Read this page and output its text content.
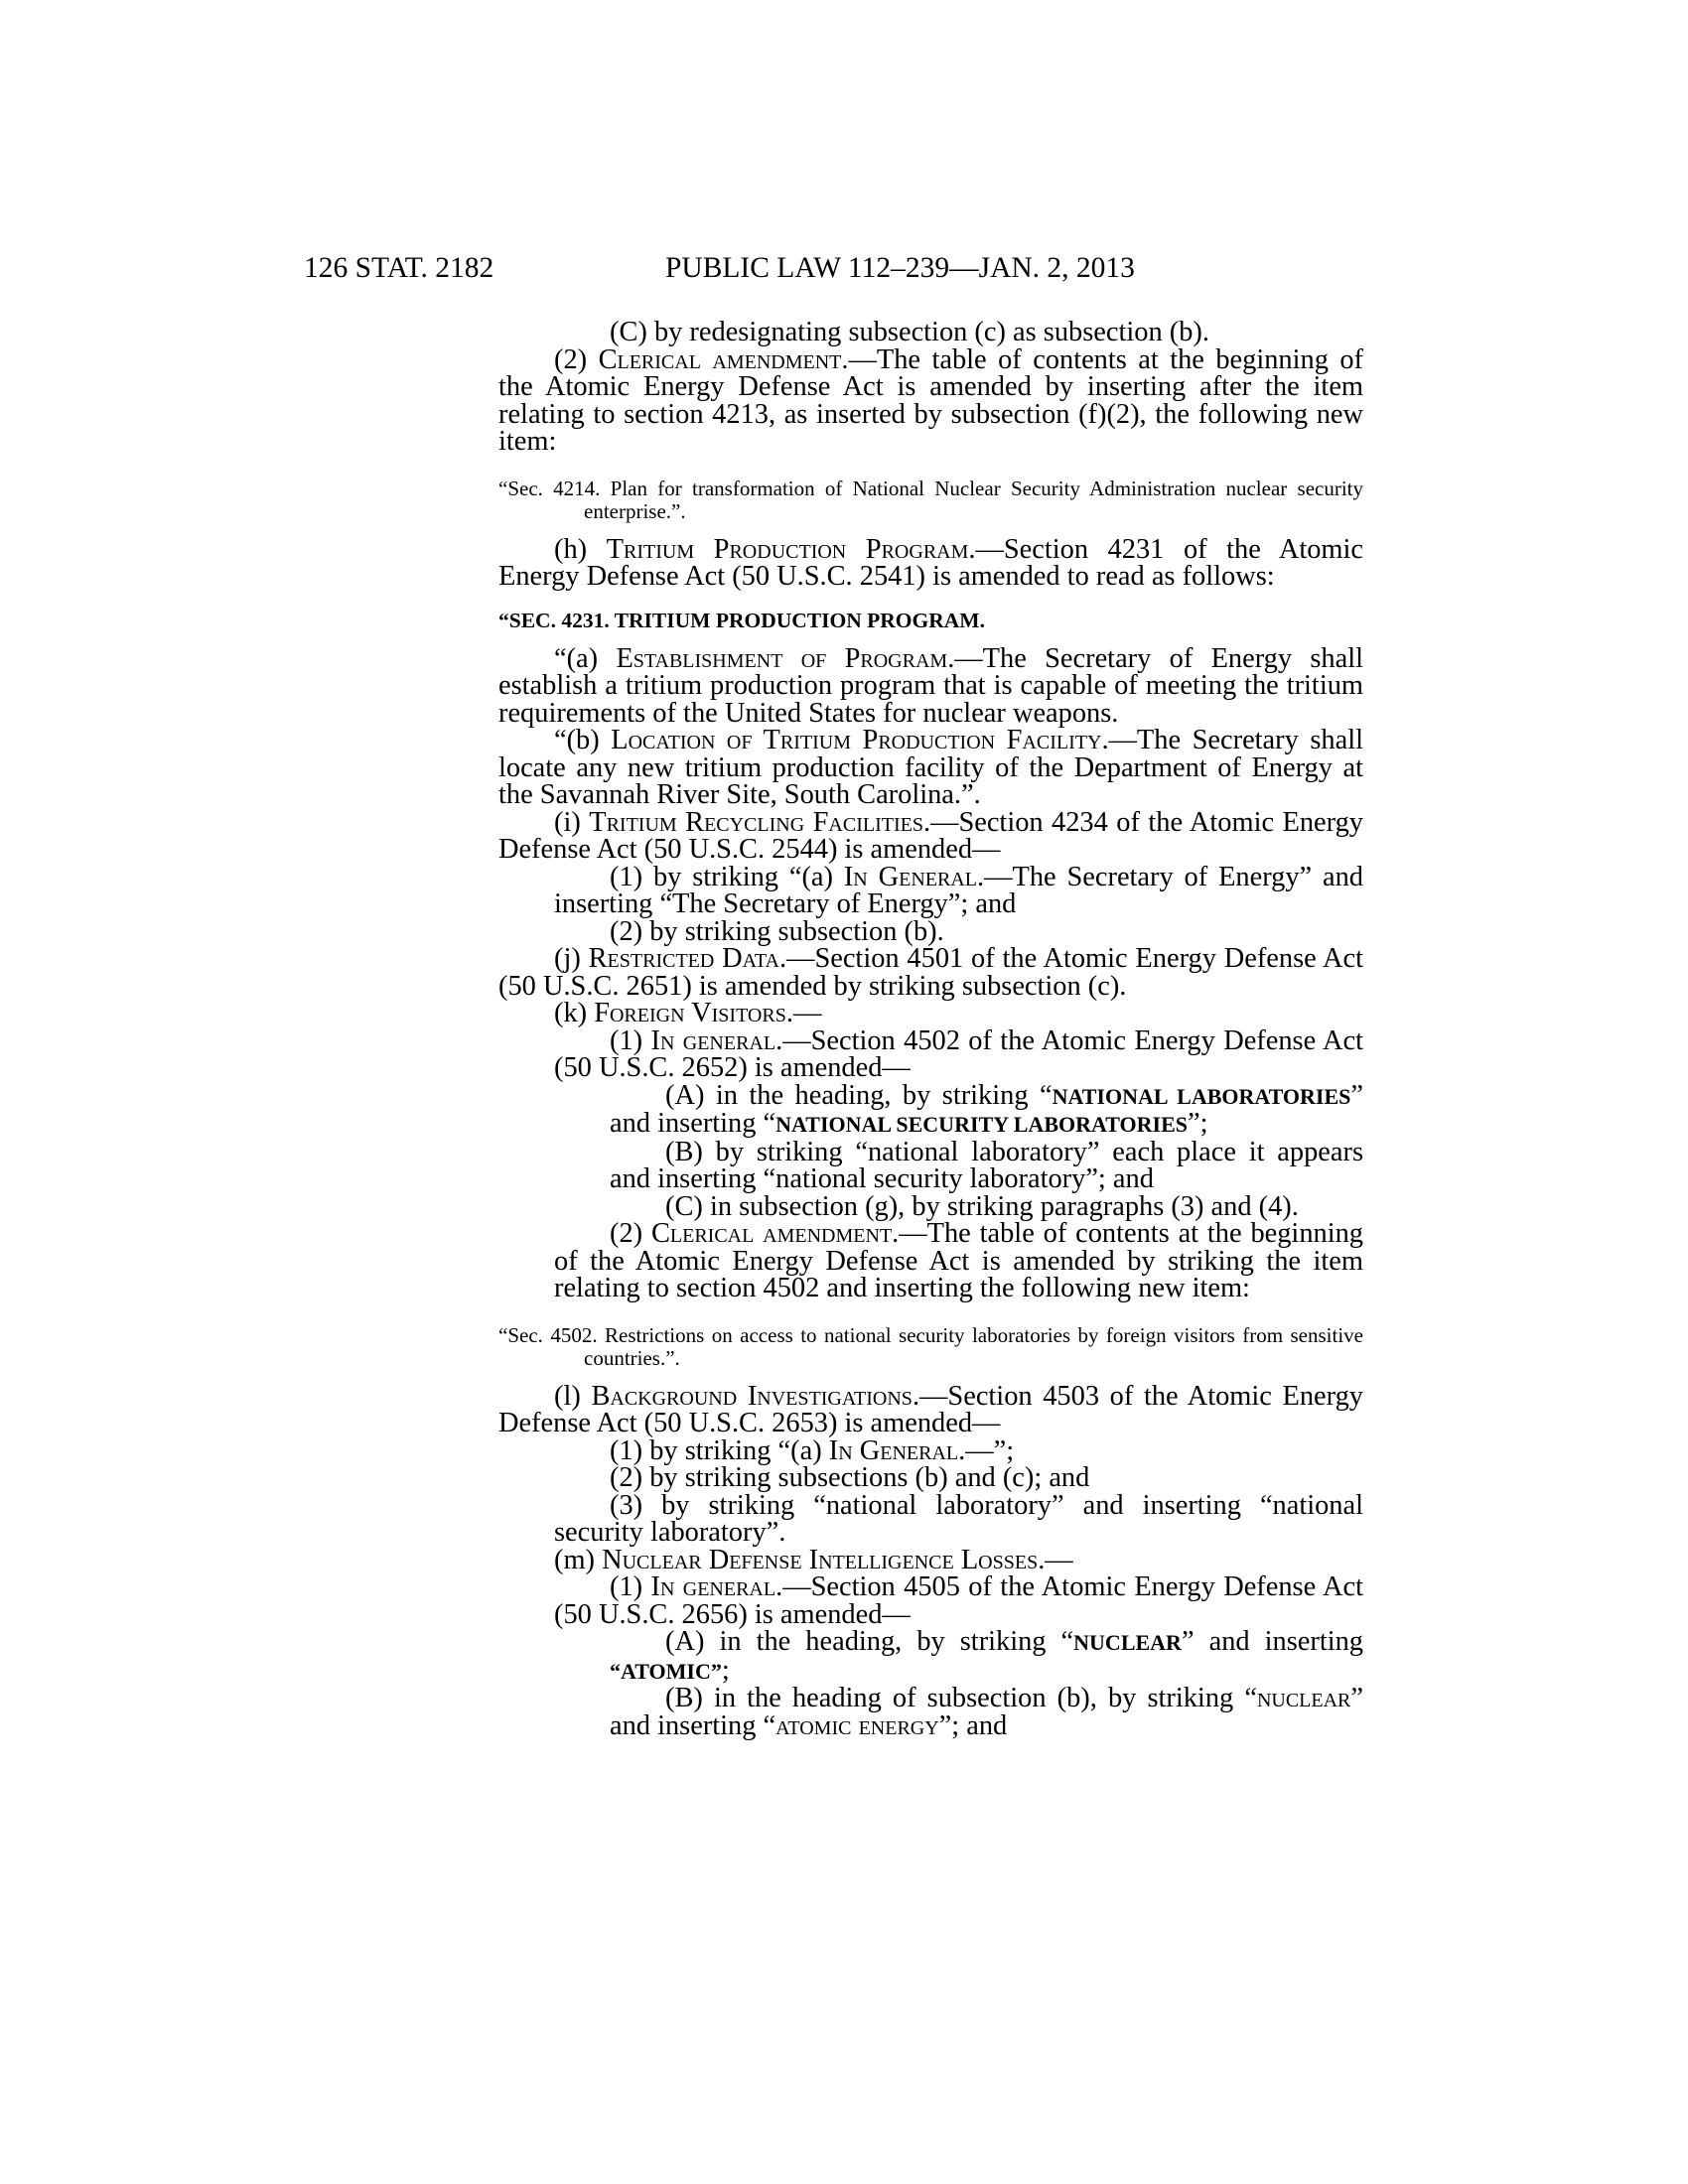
126 STAT. 2182	PUBLIC LAW 112–239—JAN. 2, 2013

(C) by redesignating subsection (c) as subsection (b).

(2) Clerical amendment.—The table of contents at the beginning of the Atomic Energy Defense Act is amended by inserting after the item relating to section 4213, as inserted by subsection (f)(2), the following new item:

“Sec. 4214. Plan for transformation of National Nuclear Security Administration nuclear security enterprise.”.

(h) Tritium Production Program.—Section 4231 of the Atomic Energy Defense Act (50 U.S.C. 2541) is amended to read as follows:

“SEC. 4231. TRITIUM PRODUCTION PROGRAM.

“(a) Establishment of Program.—The Secretary of Energy shall establish a tritium production program that is capable of meeting the tritium requirements of the United States for nuclear weapons.

“(b) Location of Tritium Production Facility.—The Secretary shall locate any new tritium production facility of the Department of Energy at the Savannah River Site, South Carolina.”.

(i) Tritium Recycling Facilities.—Section 4234 of the Atomic Energy Defense Act (50 U.S.C. 2544) is amended—

(1) by striking “(a) In General.—The Secretary of Energy” and inserting “The Secretary of Energy”; and

(2) by striking subsection (b).

(j) Restricted Data.—Section 4501 of the Atomic Energy Defense Act (50 U.S.C. 2651) is amended by striking subsection (c).

(k) Foreign Visitors.—

(1) In general.—Section 4502 of the Atomic Energy Defense Act (50 U.S.C. 2652) is amended—

(A) in the heading, by striking “NATIONAL LABORATORIES” and inserting “NATIONAL SECURITY LABORATORIES”;

(B) by striking “national laboratory” each place it appears and inserting “national security laboratory”; and

(C) in subsection (g), by striking paragraphs (3) and (4).

(2) Clerical amendment.—The table of contents at the beginning of the Atomic Energy Defense Act is amended by striking the item relating to section 4502 and inserting the following new item:

“Sec. 4502. Restrictions on access to national security laboratories by foreign visitors from sensitive countries.”.

(l) Background Investigations.—Section 4503 of the Atomic Energy Defense Act (50 U.S.C. 2653) is amended—

(1) by striking “(a) In General.—”;

(2) by striking subsections (b) and (c); and

(3) by striking “national laboratory” and inserting “national security laboratory”.

(m) Nuclear Defense Intelligence Losses.—

(1) In general.—Section 4505 of the Atomic Energy Defense Act (50 U.S.C. 2656) is amended—

(A) in the heading, by striking “NUCLEAR” and inserting “ATOMIC”;

(B) in the heading of subsection (b), by striking “nuclear” and inserting “atomic energy”; and
